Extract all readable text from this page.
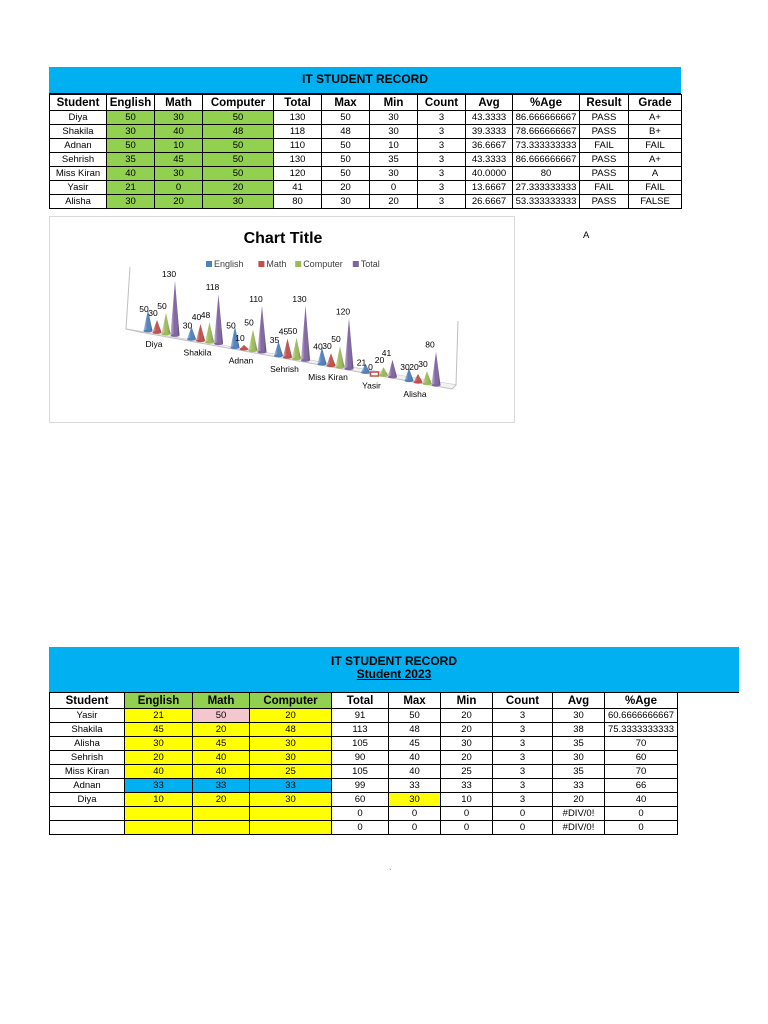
IT STUDENT RECORD
Student	English	Math	Computer	Total	Max	Min	Count	Avg	%Age	Result	Grade
Diya	50	30	50	130	50	30	3	43.3333	86.666666667	PASS	A+
Shakila	30	40	48	118	48	30	3	39.3333	78.666666667	PASS	B+
Adnan	50	10	50	110	50	10	3	36.6667	73.333333333	FAIL	FAIL
Sehrish	35	45	50	130	50	35	3	43.3333	86.666666667	PASS	A+
Miss Kiran	40	30	50	120	50	30	3	40.0000	80	PASS	A
Yasir	21	0	20	41	20	0	3	13.6667	27.333333333	FAIL	FAIL
Alisha	30	20	30	80	30	20	3	26.6667	53.333333333	PASS	FALSE
Chart Title
English	Math Computer Total
50 30
50
130
30
40 48
118
50
10
50
110
35
45 50
130
40 30
50
120
21 0
20
41
30 20 30
80
Diya
Shakila
Adnan
Sehrish
Miss Kiran
Yasir
Alisha
A
IT STUDENT RECORD
Student 2023
Student	English	Math	Computer	Total	Max	Min	Count	Avg	%Age
Yasir	21	50	20	91	50	20	3	30	60.6666666667
Shakila	45	20	48	113	48	20	3	38	75.3333333333
Alisha	30	45	30	105	45	30	3	35	70
Sehrish	20	40	30	90	40	20	3	30	60
Miss Kiran	40	40	25	105	40	25	3	35	70
Adnan	33	33	33	99	33	33	3	33	66
Diya	10	20	30	60	30	10	3	20	40
				0	0	0	0	#DIV/0!	0
				0	0	0	0	#DIV/0!	0
`
